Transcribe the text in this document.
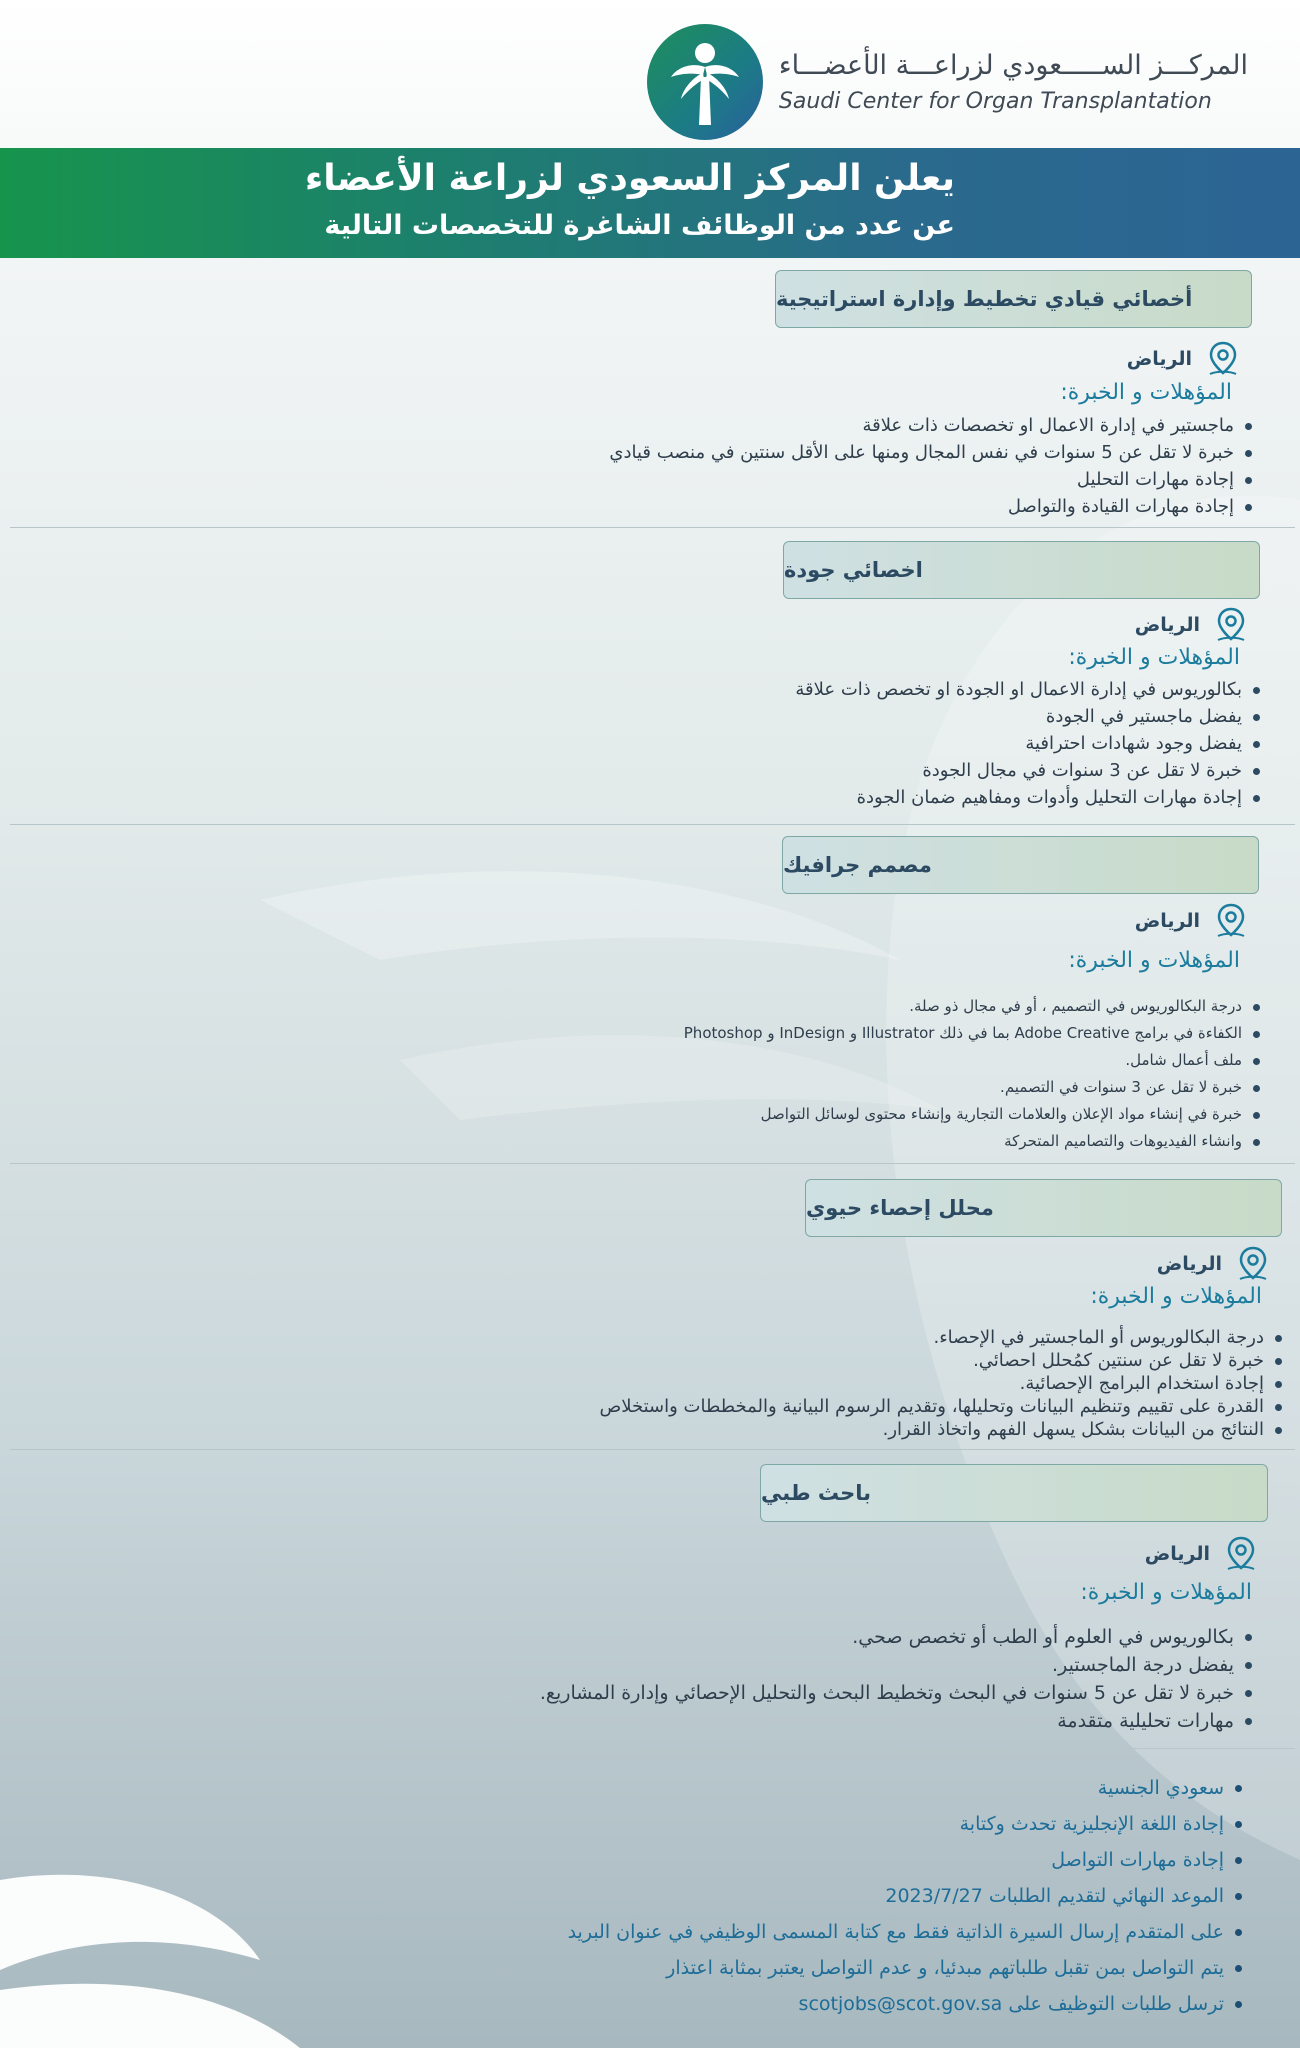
المركـــز الســـــعودي لزراعـــة الأعضـــاء
Saudi Center for Organ Transplantation
يعلن المركز السعودي لزراعة الأعضاء
عن عدد من الوظائف الشاغرة للتخصصات التالية
أخصائي قيادي تخطيط وإدارة استراتيجية
الرياض
المؤهلات و الخبرة:
ماجستير في إدارة الاعمال او تخصصات ذات علاقة
خبرة لا تقل عن 5 سنوات في نفس المجال ومنها على الأقل سنتين في منصب قيادي
إجادة مهارات التحليل
إجادة مهارات القيادة والتواصل
اخصائي جودة
الرياض
المؤهلات و الخبرة:
بكالوريوس في إدارة الاعمال او الجودة او تخصص ذات علاقة
يفضل ماجستير في الجودة
يفضل وجود شهادات احترافية
خبرة لا تقل عن 3 سنوات في مجال الجودة
إجادة مهارات التحليل وأدوات ومفاهيم ضمان الجودة
مصمم جرافيك
الرياض
المؤهلات و الخبرة:
درجة البكالوريوس في التصميم ، أو في مجال ذو صلة.
الكفاءة في برامج Adobe Creative بما في ذلك Illustrator و InDesign و Photoshop
ملف أعمال شامل.
خبرة لا تقل عن 3 سنوات في التصميم.
خبرة في إنشاء مواد الإعلان والعلامات التجارية وإنشاء محتوى لوسائل التواصل
وانشاء الفيديوهات والتصاميم المتحركة
محلل إحصاء حيوي
الرياض
المؤهلات و الخبرة:
درجة البكالوريوس أو الماجستير في الإحصاء.
خبرة لا تقل عن سنتين كمُحلل احصائي.
إجادة استخدام البرامج الإحصائية.
القدرة على تقييم وتنظيم البيانات وتحليلها، وتقديم الرسوم البيانية والمخططات واستخلاص
النتائج من البيانات بشكل يسهل الفهم واتخاذ القرار.
باحث طبي
الرياض
المؤهلات و الخبرة:
بكالوريوس في العلوم أو الطب أو تخصص صحي.
يفضل درجة الماجستير.
خبرة لا تقل عن 5 سنوات في البحث وتخطيط البحث والتحليل الإحصائي وإدارة المشاريع.
مهارات تحليلية متقدمة
سعودي الجنسية
إجادة اللغة الإنجليزية تحدث وكتابة
إجادة مهارات التواصل
الموعد النهائي لتقديم الطلبات 2023/7/27
على المتقدم إرسال السيرة الذاتية فقط مع كتابة المسمى الوظيفي في عنوان البريد
يتم التواصل بمن تقبل طلباتهم مبدئيا، و عدم التواصل يعتبر بمثابة اعتذار
ترسل طلبات التوظيف على scotjobs@scot.gov.sa
